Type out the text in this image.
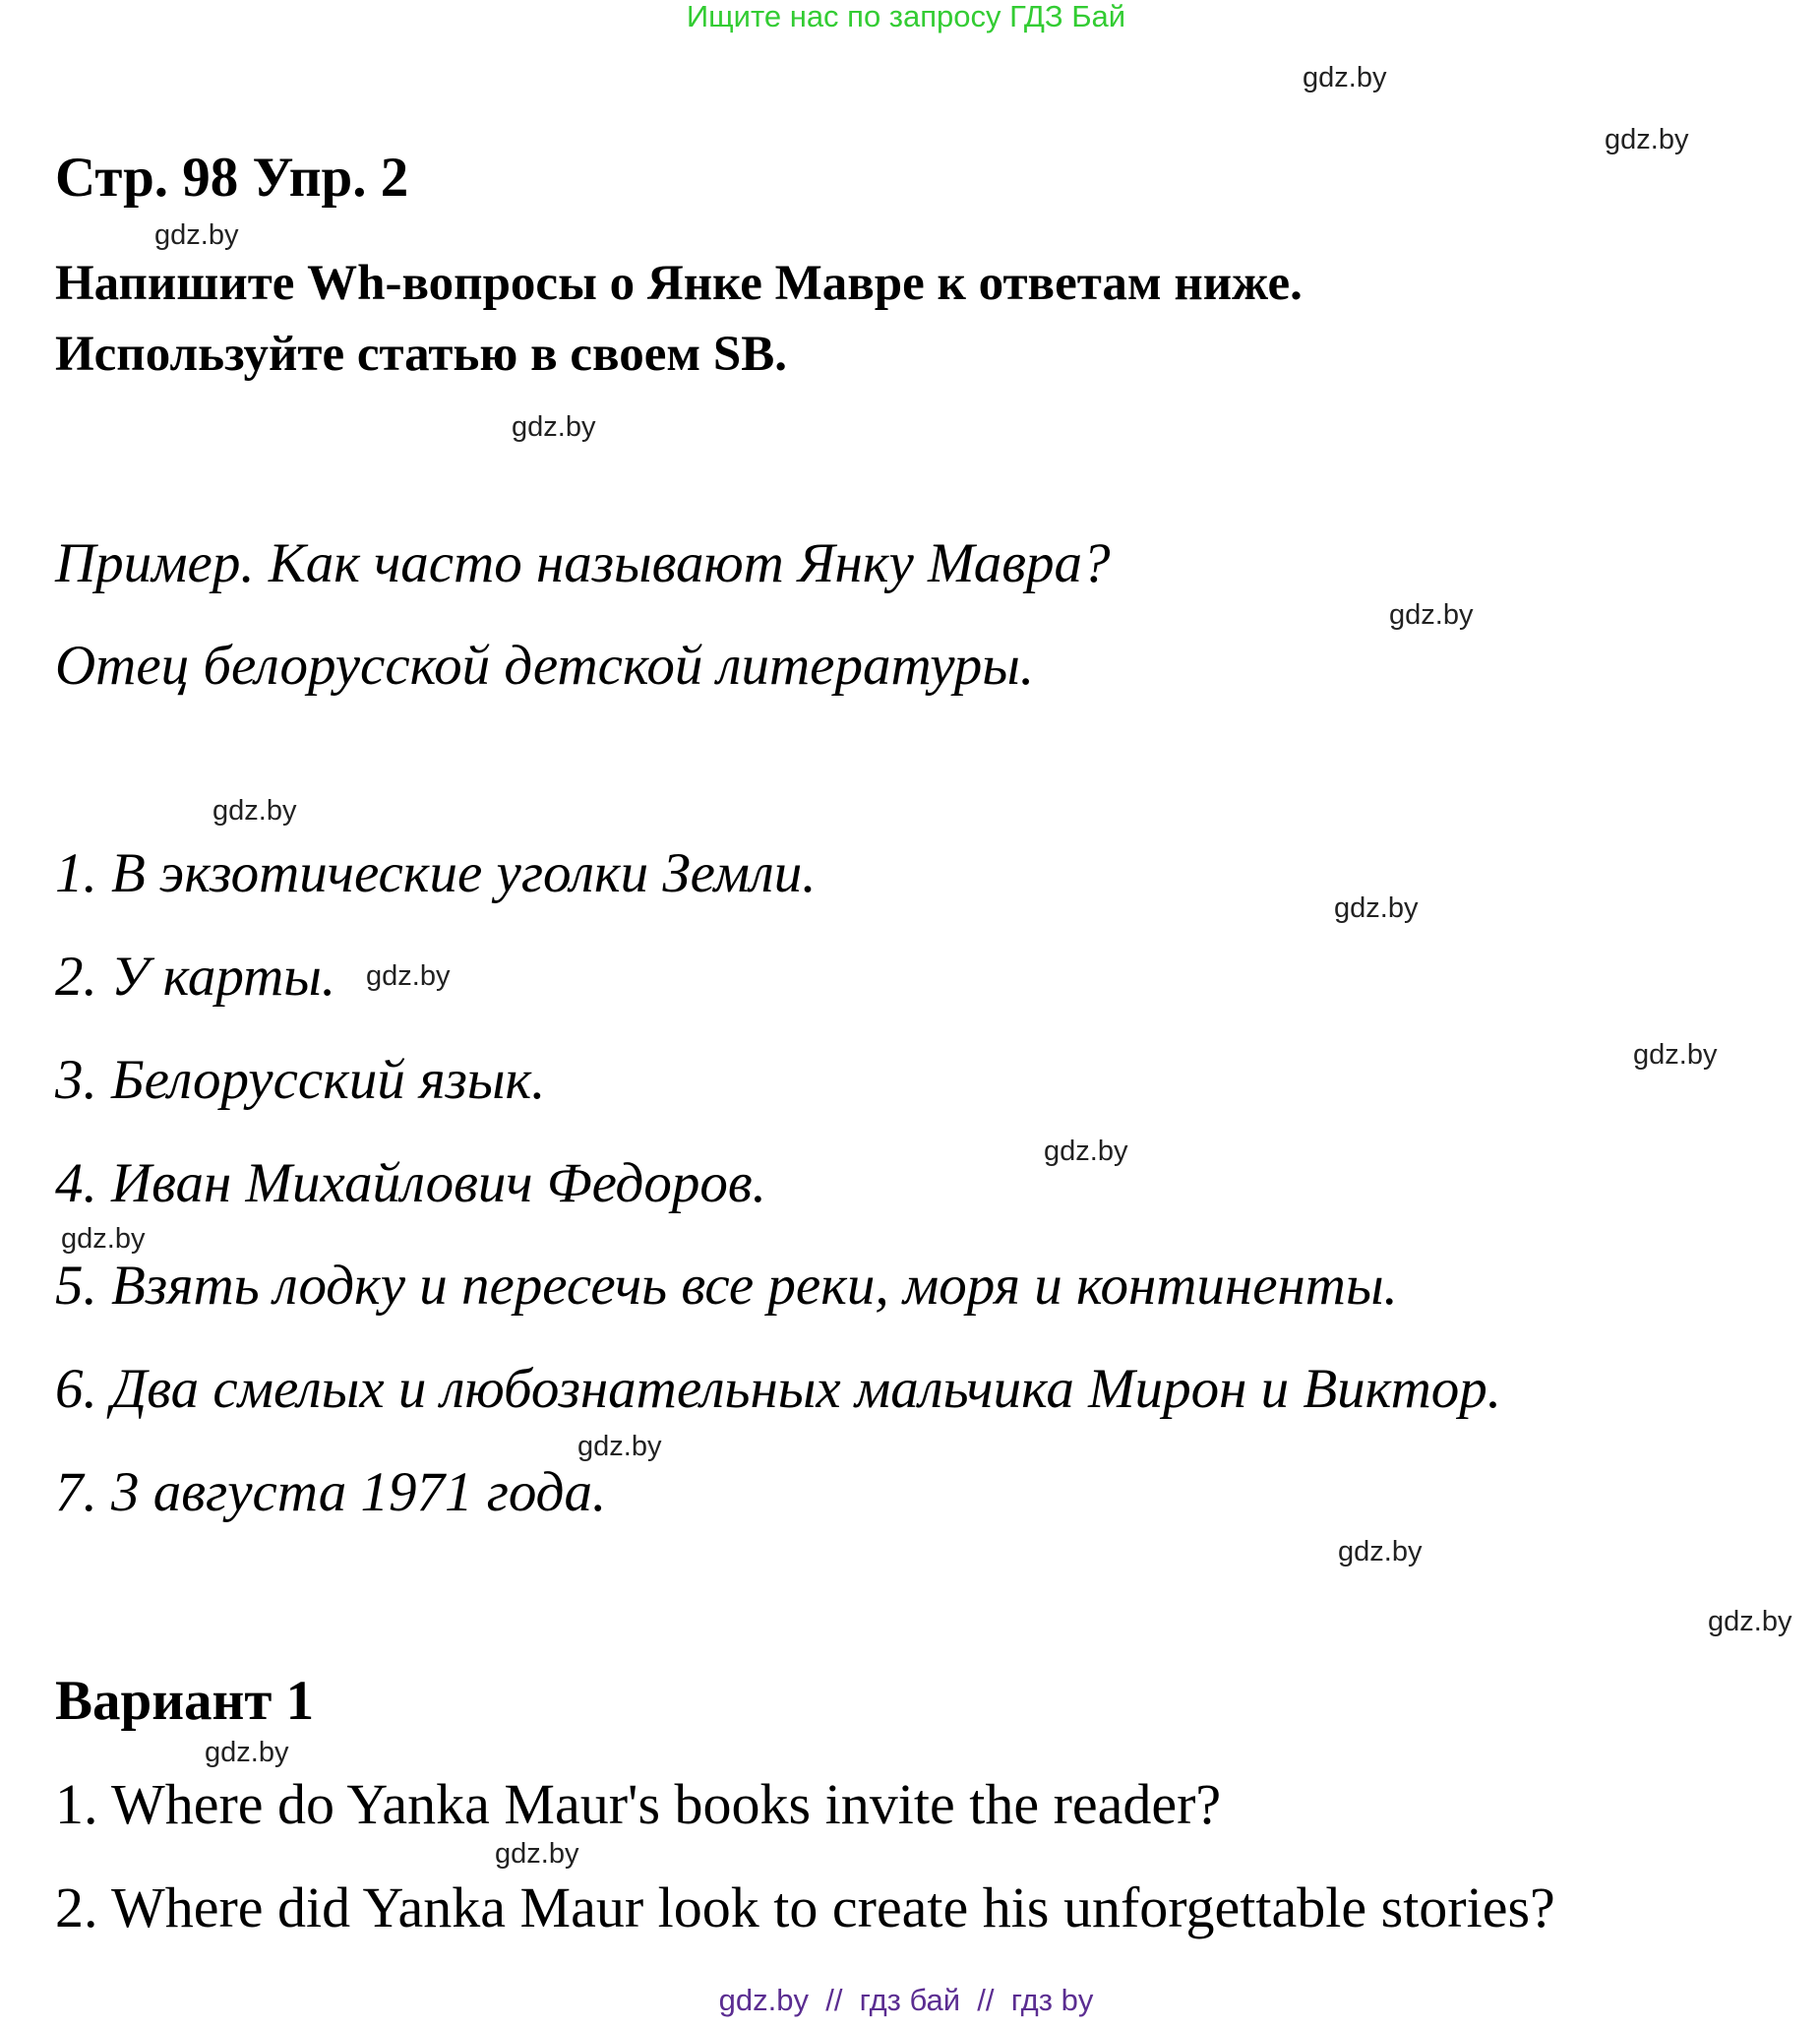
Ищите нас по запросу ГДЗ Бай
gdz.by
gdz.by
gdz.by
gdz.by
gdz.by
gdz.by
gdz.by
gdz.by
gdz.by
gdz.by
gdz.by
gdz.by
gdz.by
gdz.by
gdz.by
gdz.by
Стр. 98 Упр. 2
Напишите Wh-вопросы о Янке Мавре к ответам ниже.
Используйте статью в своем SB.
Пример. Как часто называют Янку Мавра?
Отец белорусской детской литературы.
1. В экзотические уголки Земли.
2. У карты.
3. Белорусский язык.
4. Иван Михайлович Федоров.
5. Взять лодку и пересечь все реки, моря и континенты.
6. Два смелых и любознательных мальчика Мирон и Виктор.
7. 3 августа 1971 года.
Вариант 1
1. Where do Yanka Maur's books invite the reader?
2. Where did Yanka Maur look to create his unforgettable stories?
gdz.by  //  гдз бай  //  гдз by
